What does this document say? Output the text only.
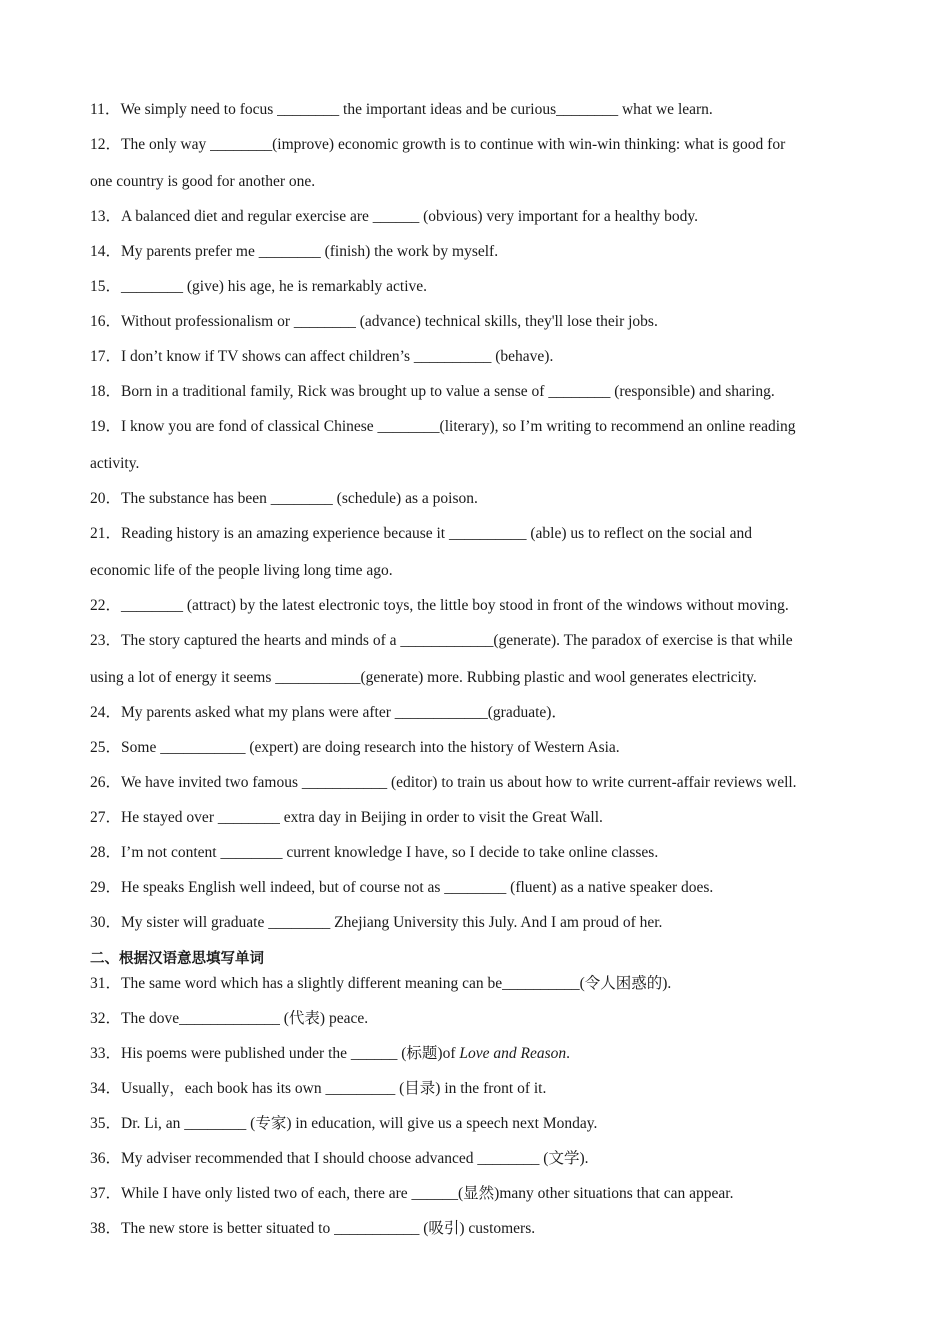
11．We simply need to focus ________ the important ideas and be curious________ what we learn.
12．The only way ________(improve) economic growth is to continue with win-win thinking: what is good for
one country is good for another one.
13．A balanced diet and regular exercise are ______ (obvious) very important for a healthy body.
14．My parents prefer me ________ (finish) the work by myself.
15．________ (give) his age, he is remarkably active.
16．Without professionalism or ________ (advance) technical skills, they'll lose their jobs.
17．I don’t know if TV shows can affect children’s __________ (behave).
18．Born in a traditional family, Rick was brought up to value a sense of ________ (responsible) and sharing.
19．I know you are fond of classical Chinese ________(literary), so I’m writing to recommend an online reading
activity.
20．The substance has been ________ (schedule) as a poison.
21．Reading history is an amazing experience because it __________ (able) us to reflect on the social and
economic life of the people living long time ago.
22．________ (attract) by the latest electronic toys, the little boy stood in front of the windows without moving.
23．The story captured the hearts and minds of a ____________(generate). The paradox of exercise is that while
using a lot of energy it seems ___________(generate) more. Rubbing plastic and wool generates electricity.
24．My parents asked what my plans were after ____________(graduate)．
25．Some ___________ (expert) are doing research into the history of Western Asia.
26．We have invited two famous ___________ (editor) to train us about how to write current-affair reviews well.
27．He stayed over ________ extra day in Beijing in order to visit the Great Wall.
28．I’m not content ________ current knowledge I have, so I decide to take online classes.
29．He speaks English well indeed, but of course not as ________ (fluent) as a native speaker does.
30．My sister will graduate ________ Zhejiang University this July. And I am proud of her.
二、根据汉语意思填写单词
31．The same word which has a slightly different meaning can be__________(令人困惑的).
32．The dove_____________ (代表) peace.
33．His poems were published under the ______ (标题)of Love and Reason.
34．Usually，each book has its own _________ (目录) in the front of it.
35．Dr. Li, an ________ (专家) in education, will give us a speech next Monday.
36．My adviser recommended that I should choose advanced ________ (文学).
37．While I have only listed two of each, there are ______(显然)many other situations that can appear.
38．The new store is better situated to ___________ (吸引) customers.
